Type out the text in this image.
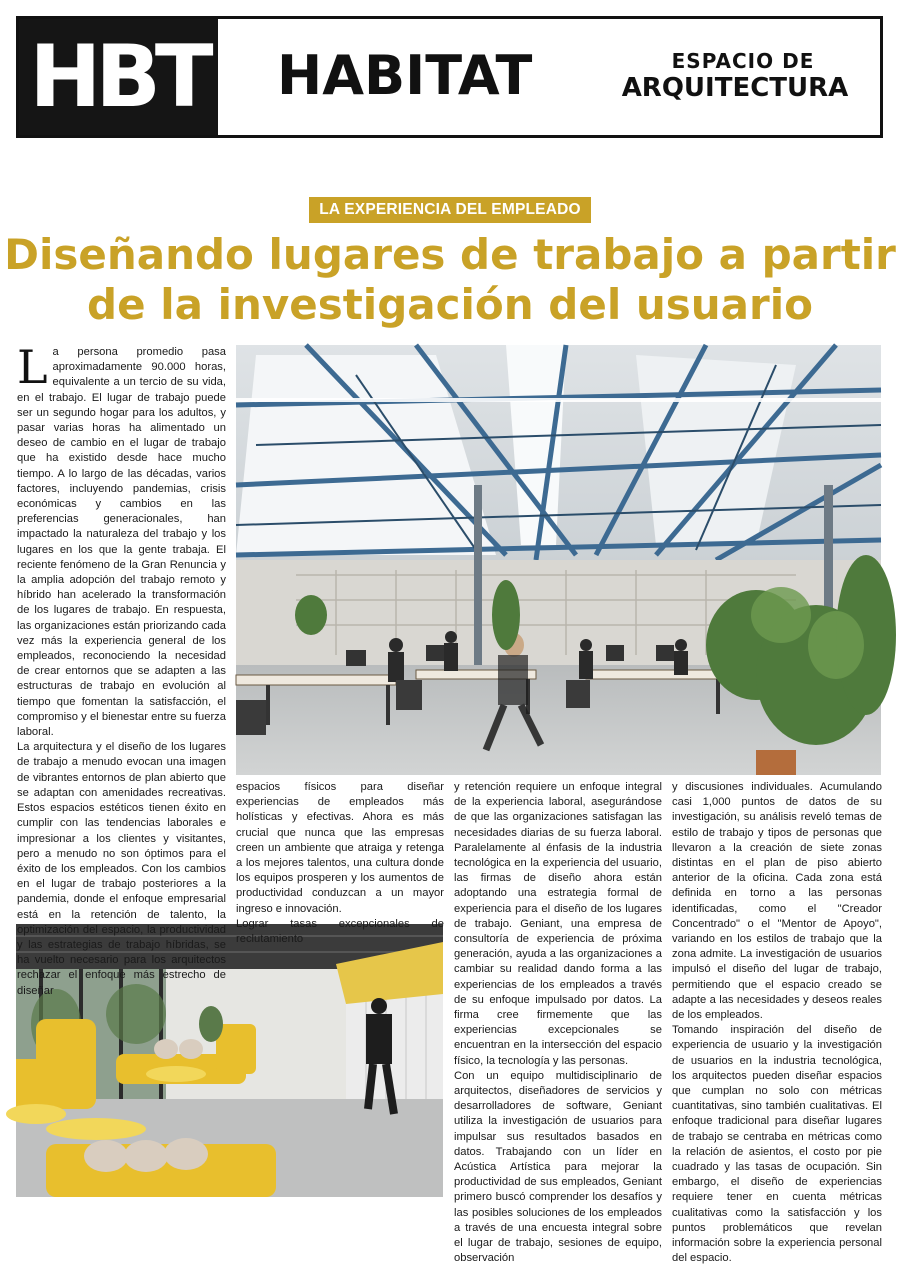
HBT HABITAT	ESPACIO DE
ARQUITECTURA
LA EXPERIENCIA DEL EMPLEADO
Diseñando lugares de trabajo a partir
de la investigación del usuario

La persona promedio pasa aproximadamente 90.000 horas, equivalente a un tercio de su vida, en el trabajo. El lugar de trabajo puede ser un segundo hogar para los adultos, y pasar varias horas ha alimentado un deseo de cambio en el lugar de trabajo que ha existido desde hace mucho tiempo. A lo largo de las décadas, varios factores, incluyendo pandemias, crisis económicas y cambios en las preferencias generacionales, han impactado la naturaleza del trabajo y los lugares en los que la gente trabaja. El reciente fenómeno de la Gran Renuncia y la amplia adopción del trabajo remoto y híbrido han acelerado la transformación de los lugares de trabajo. En respuesta, las organizaciones están priorizando cada vez más la experiencia general de los empleados, reconociendo la necesidad de crear entornos que se adapten a las estructuras de trabajo en evolución al tiempo que fomentan la satisfacción, el compromiso y el bienestar entre su fuerza laboral.

La arquitectura y el diseño de los lugares de trabajo a menudo evocan una imagen de vibrantes entornos de plan abierto que se adaptan con amenidades recreativas. Estos espacios estéticos tienen éxito en cumplir con las tendencias laborales e impresionar a los clientes y visitantes, pero a menudo no son óptimos para el éxito de los empleados. Con los cambios en el lugar de trabajo posteriores a la pandemia, donde el enfoque empresarial está en la retención de talento, la optimización del espacio, la productividad y las estrategias de trabajo híbridas, se ha vuelto necesario para los arquitectos rechazar el enfoque más estrecho de diseñar

espacios físicos para diseñar experiencias de empleados más holísticas y efectivas. Ahora es más crucial que nunca que las empresas creen un ambiente que atraiga y retenga a los mejores talentos, una cultura donde los equipos prosperen y los aumentos de productividad conduzcan a un mayor ingreso e innovación.

Lograr tasas excepcionales de reclutamiento

y retención requiere un enfoque integral de la experiencia laboral, asegurándose de que las organizaciones satisfagan las necesidades diarias de su fuerza laboral. Paralelamente al énfasis de la industria tecnológica en la experiencia del usuario, las firmas de diseño ahora están adoptando una estrategia formal de experiencia para el diseño de los lugares de trabajo. Geniant, una empresa de consultoría de experiencia de próxima generación, ayuda a las organizaciones a cambiar su realidad dando forma a las experiencias de los empleados a través de su enfoque impulsado por datos. La firma cree firmemente que las experiencias excepcionales se encuentran en la intersección del espacio físico, la tecnología y las personas.

Con un equipo multidisciplinario de arquitectos, diseñadores de servicios y desarrolladores de software, Geniant utiliza la investigación de usuarios para impulsar sus resultados basados en datos. Trabajando con un líder en Acústica Artística para mejorar la productividad de sus empleados, Geniant primero buscó comprender los desafíos y las posibles soluciones de los empleados a través de una encuesta integral sobre el lugar de trabajo, sesiones de equipo, observación

y discusiones individuales. Acumulando casi 1,000 puntos de datos de su investigación, su análisis reveló temas de estilo de trabajo y tipos de personas que llevaron a la creación de siete zonas distintas en el plan de piso abierto anterior de la oficina. Cada zona está definida en torno a las personas identificadas, como el "Creador Concentrado" o el "Mentor de Apoyo", variando en los estilos de trabajo que la zona admite. La investigación de usuarios impulsó el diseño del lugar de trabajo, permitiendo que el espacio creado se adapte a las necesidades y deseos reales de los empleados.

Tomando inspiración del diseño de experiencia de usuario y la investigación de usuarios en la industria tecnológica, los arquitectos pueden diseñar espacios que cumplan no solo con métricas cuantitativas, sino también cualitativas. El enfoque tradicional para diseñar lugares de trabajo se centraba en métricas como la relación de asientos, el costo por pie cuadrado y las tasas de ocupación. Sin embargo, el diseño de experiencias requiere tener en cuenta métricas cualitativas como la satisfacción y los puntos problemáticos que revelan información sobre la experiencia personal del espacio.
